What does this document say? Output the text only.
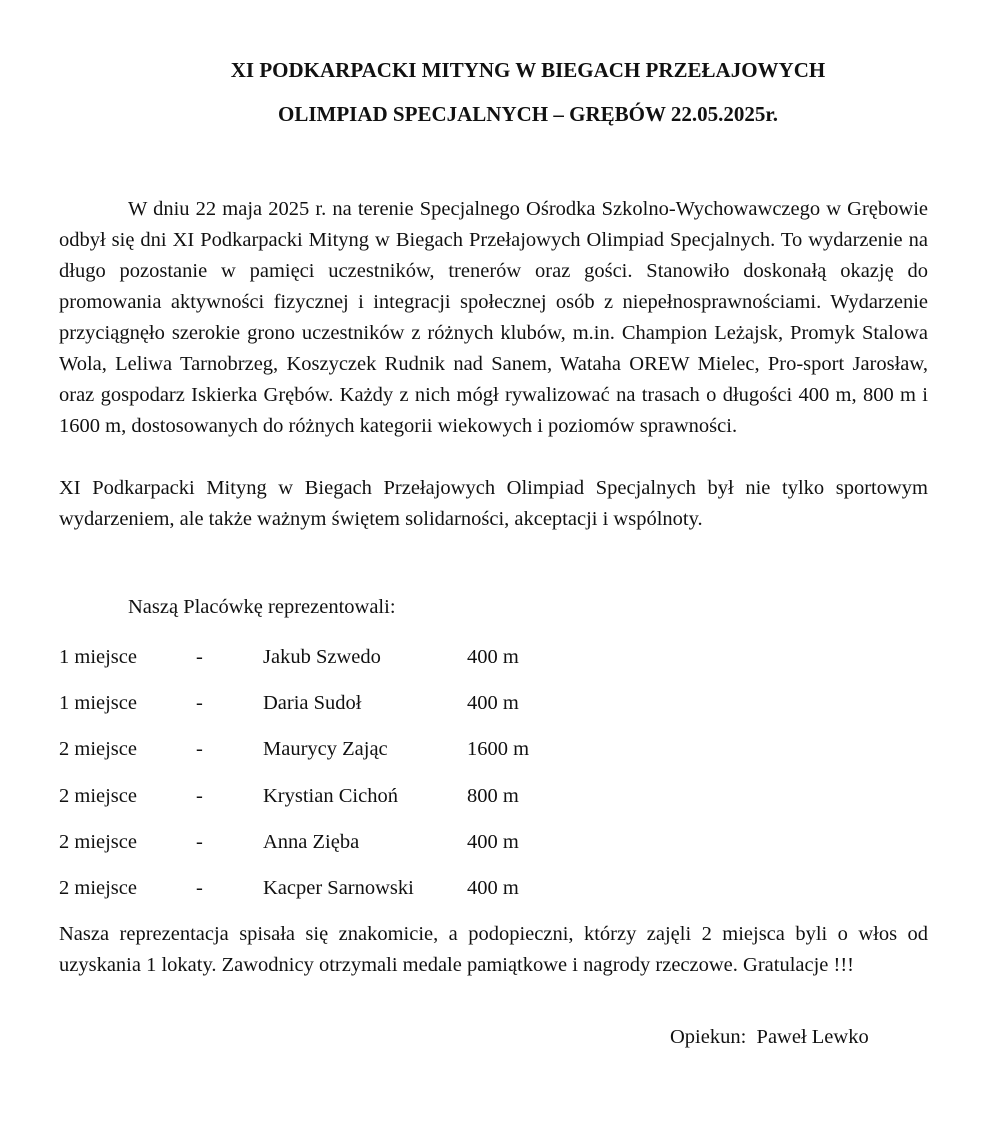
XI PODKARPACKI MITYNG W BIEGACH PRZEŁAJOWYCH
OLIMPIAD SPECJALNYCH – GRĘBÓW 22.05.2025r.
W dniu 22 maja 2025 r. na terenie Specjalnego Ośrodka Szkolno-Wychowawczego w Grębowie odbył się dni XI Podkarpacki Mityng w Biegach Przełajowych Olimpiad Specjalnych. To wydarzenie na długo pozostanie w pamięci uczestników, trenerów oraz gości. Stanowiło doskonałą okazję do promowania aktywności fizycznej i integracji społecznej osób z niepełnosprawnościami. Wydarzenie przyciągnęło szerokie grono uczestników z różnych klubów, m.in. Champion Leżajsk, Promyk Stalowa Wola, Leliwa Tarnobrzeg, Koszyczek Rudnik nad Sanem, Wataha OREW Mielec, Pro-sport Jarosław, oraz gospodarz Iskierka Grębów. Każdy z nich mógł rywalizować na trasach o długości 400 m, 800 m i 1600 m, dostosowanych do różnych kategorii wiekowych i poziomów sprawności.
XI Podkarpacki Mityng w Biegach Przełajowych Olimpiad Specjalnych był nie tylko sportowym wydarzeniem, ale także ważnym świętem solidarności, akceptacji i wspólnoty.
Naszą Placówkę reprezentowali:
1 miejsce	-	Jakub Szwedo	400 m
1 miejsce	-	Daria Sudoł	400 m
2 miejsce	-	Maurycy Zając	1600 m
2 miejsce	-	Krystian Cichoń	800 m
2 miejsce	-	Anna Zięba	400 m
2 miejsce	-	Kacper Sarnowski	400 m
Nasza reprezentacja spisała się znakomicie, a podopieczni, którzy zajęli 2 miejsca byli o włos od uzyskania 1 lokaty. Zawodnicy otrzymali medale pamiątkowe i nagrody rzeczowe. Gratulacje !!!
Opiekun:  Paweł Lewko
